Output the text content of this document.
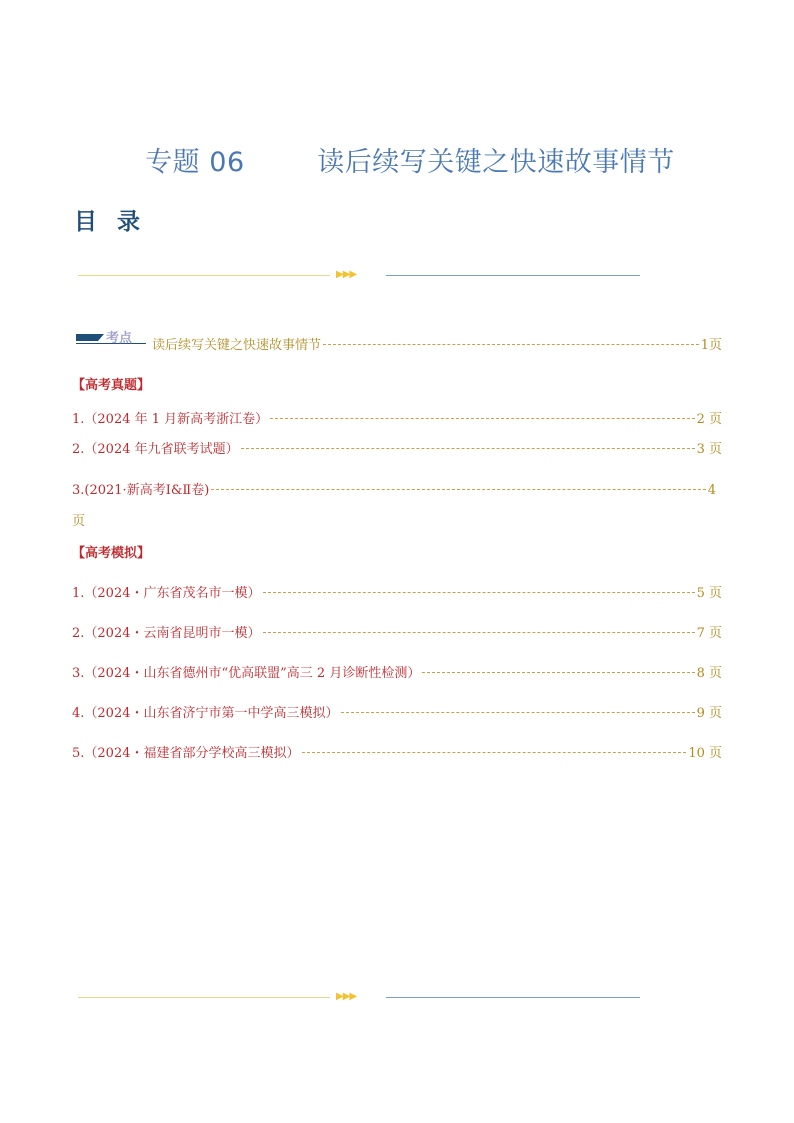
专题 06        读后续写关键之快速故事情节
目 录
▶▶▶
考点 读后续写关键之快速故事情节	1页
【高考真题】
1.（2024 年 1 月新高考浙江卷）	2 页
2.（2024 年九省联考试题）	3 页
3.(2021·新高考Ⅰ&Ⅱ卷)	4
页
【高考模拟】
1.（2024・广东省茂名市一模）	5 页
2.（2024・云南省昆明市一模）	7 页
3.（2024・山东省德州市“优高联盟”高三 2 月诊断性检测）	8 页
4.（2024・山东省济宁市第一中学高三模拟）	9 页
5.（2024・福建省部分学校高三模拟）	10 页
▶▶▶
